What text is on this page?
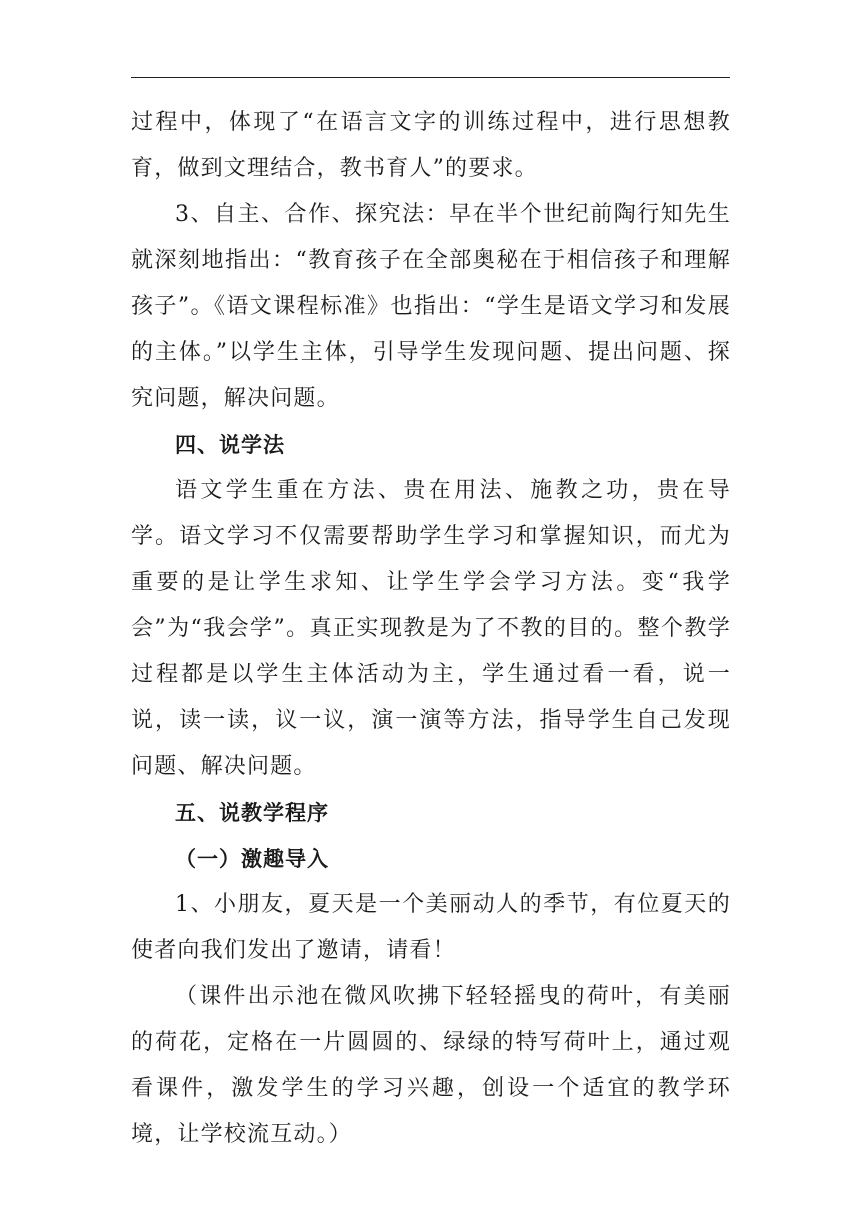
过程中，体现了“在语言文字的训练过程中，进行思想教育，做到文理结合，教书育人”的要求。

3、自主、合作、探究法：早在半个世纪前陶行知先生就深刻地指出：“教育孩子在全部奥秘在于相信孩子和理解孩子”。《语文课程标准》也指出：“学生是语文学习和发展的主体。”以学生主体，引导学生发现问题、提出问题、探究问题，解决问题。

四、说学法

语文学生重在方法、贵在用法、施教之功，贵在导学。语文学习不仅需要帮助学生学习和掌握知识，而尤为重要的是让学生求知、让学生学会学习方法。变“我学会”为“我会学”。真正实现教是为了不教的目的。整个教学过程都是以学生主体活动为主，学生通过看一看，说一说，读一读，议一议，演一演等方法，指导学生自己发现问题、解决问题。

五、说教学程序

（一）激趣导入

1、小朋友，夏天是一个美丽动人的季节，有位夏天的使者向我们发出了邀请，请看！

（课件出示池在微风吹拂下轻轻摇曳的荷叶，有美丽的荷花，定格在一片圆圆的、绿绿的特写荷叶上，通过观看课件，激发学生的学习兴趣，创设一个适宜的教学环境，让学校流互动。）
